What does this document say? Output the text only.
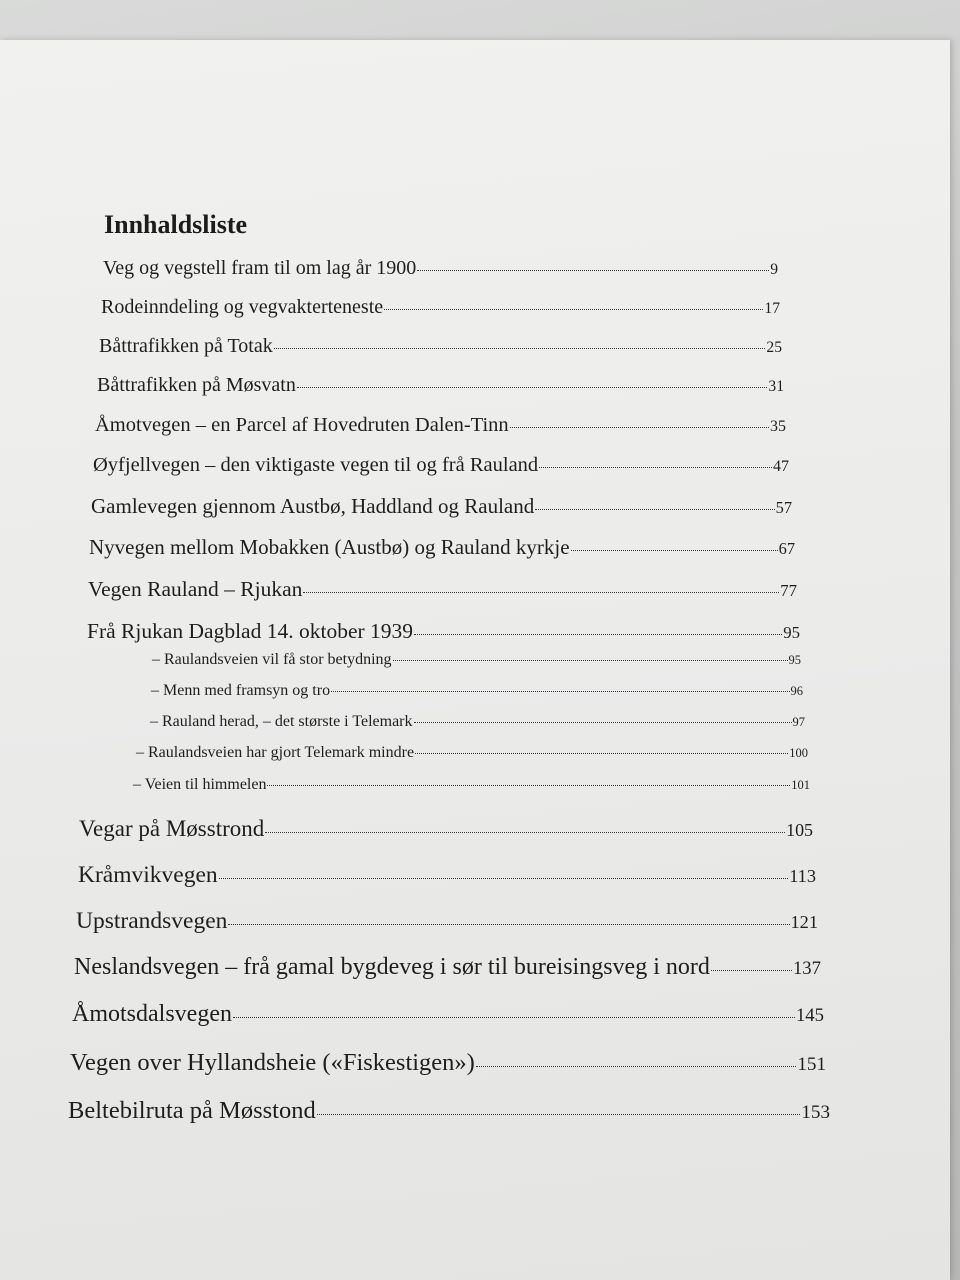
Innhaldsliste
Veg og vegstell fram til om lag år 1900	9
Rodeinndeling og vegvakterteneste	17
Båttrafikken på Totak	25
Båttrafikken på Møsvatn	31
Åmotvegen – en Parcel af Hovedruten Dalen-Tinn	35
Øyfjellvegen – den viktigaste vegen til og frå Rauland	47
Gamlevegen gjennom Austbø, Haddland og Rauland	57
Nyvegen mellom Mobakken (Austbø) og Rauland kyrkje	67
Vegen Rauland – Rjukan	77
Frå Rjukan Dagblad 14. oktober 1939	95
– Raulandsveien vil få stor betydning	95
– Menn med framsyn og tro	96
– Rauland herad, – det største i Telemark	97
– Raulandsveien har gjort Telemark mindre	100
– Veien til himmelen	101
Vegar på Møsstrond	105
Kråmvikvegen	113
Upstrandsvegen	121
Neslandsvegen – frå gamal bygdeveg i sør til bureisingsveg i nord	137
Åmotsdalsvegen	145
Vegen over Hyllandsheie («Fiskestigen»)	151
Beltebilruta på Møsstond	153
